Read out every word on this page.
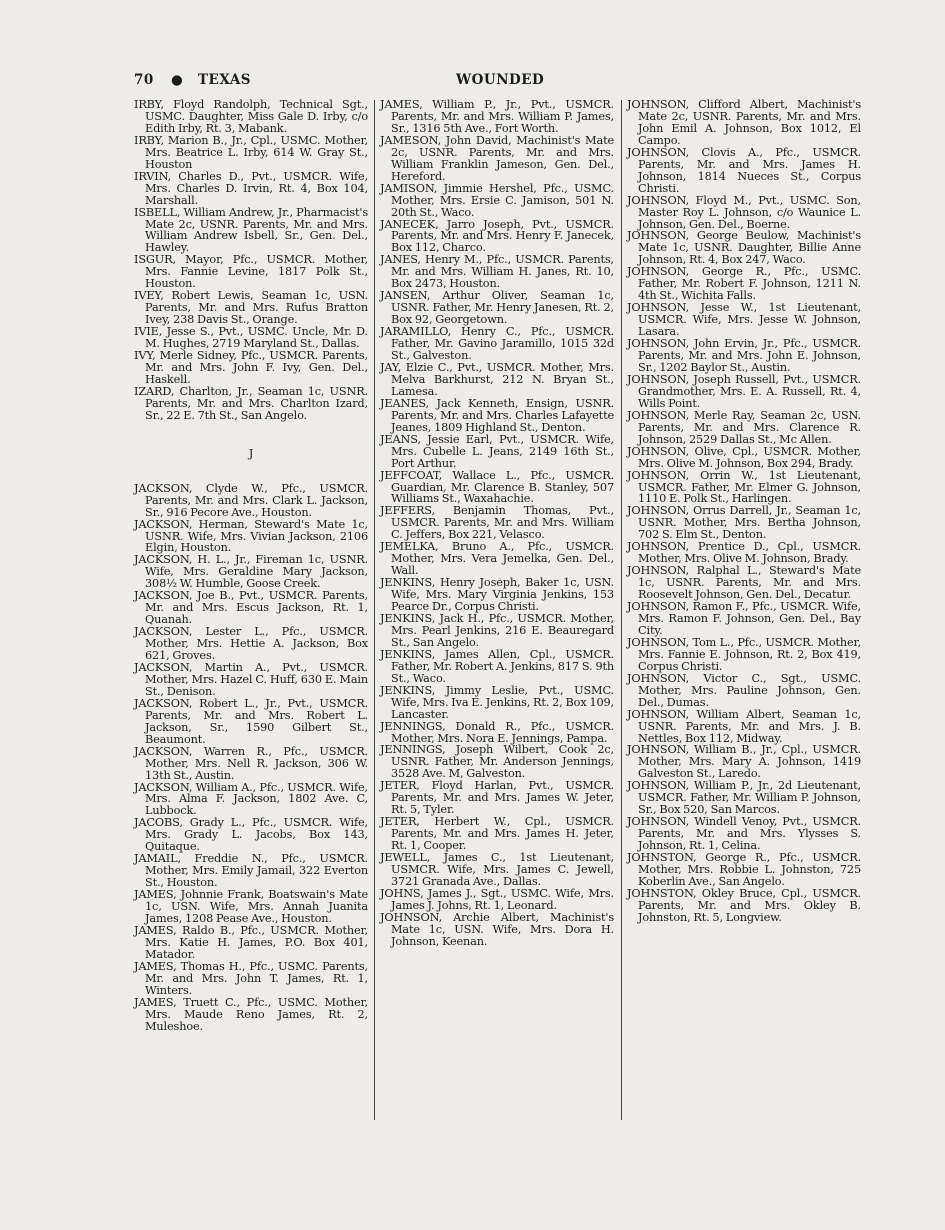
70 ● TEXAS	WOUNDED

IRBY, Floyd Randolph, Technical Sgt., USMC. Daughter, Miss Gale D. Irby, c/o Edith Irby, Rt. 3, Mabank.

IRBY, Marion B., Jr., Cpl., USMC. Mother, Mrs. Beatrice L. Irby, 614 W. Gray St., Houston

IRVIN, Charles D., Pvt., USMCR. Wife, Mrs. Charles D. Irvin, Rt. 4, Box 104, Marshall.

ISBELL, William Andrew, Jr., Pharmacist's Mate 2c, USNR. Parents, Mr. and Mrs. William Andrew Isbell, Sr., Gen. Del., Hawley.

ISGUR, Mayor, Pfc., USMCR. Mother, Mrs. Fannie Levine, 1817 Polk St., Houston.

IVEY, Robert Lewis, Seaman 1c, USN. Parents, Mr. and Mrs. Rufus Bratton Ivey, 238 Davis St., Orange.

IVIE, Jesse S., Pvt., USMC. Uncle, Mr. D. M. Hughes, 2719 Maryland St., Dallas.

IVY, Merle Sidney, Pfc., USMCR. Parents, Mr. and Mrs. John F. Ivy, Gen. Del., Haskell.

IZARD, Charlton, Jr., Seaman 1c, USNR. Parents, Mr. and Mrs. Charlton Izard, Sr., 22 E. 7th St., San Angelo.

J

JACKSON, Clyde W., Pfc., USMCR. Parents, Mr. and Mrs. Clark L. Jackson, Sr., 916 Pecore Ave., Houston.

JACKSON, Herman, Steward's Mate 1c, USNR. Wife, Mrs. Vivian Jackson, 2106 Elgin, Houston.

JACKSON, H. L., Jr., Fireman 1c, USNR. Wife, Mrs. Geraldine Mary Jackson, 308½ W. Humble, Goose Creek.

JACKSON, Joe B., Pvt., USMCR. Parents, Mr. and Mrs. Escus Jackson, Rt. 1, Quanah.

JACKSON, Lester L., Pfc., USMCR. Mother, Mrs. Hettie A. Jackson, Box 621, Groves.

JACKSON, Martin A., Pvt., USMCR. Mother, Mrs. Hazel C. Huff, 630 E. Main St., Denison.

JACKSON, Robert L., Jr., Pvt., USMCR. Parents, Mr. and Mrs. Robert L. Jackson, Sr., 1590 Gilbert St., Beaumont.

JACKSON, Warren R., Pfc., USMCR. Mother, Mrs. Nell R. Jackson, 306 W. 13th St., Austin.

JACKSON, William A., Pfc., USMCR. Wife, Mrs. Alma F. Jackson, 1802 Ave. C, Lubbock.

JACOBS, Grady L., Pfc., USMCR. Wife, Mrs. Grady L. Jacobs, Box 143, Quitaque.

JAMAIL, Freddie N., Pfc., USMCR. Mother, Mrs. Emily Jamail, 322 Everton St., Houston.

JAMES, Johnnie Frank, Boatswain's Mate 1c, USN. Wife, Mrs. Annah Juanita James, 1208 Pease Ave., Houston.

JAMES, Raldo B., Pfc., USMCR. Mother, Mrs. Katie H. James, P.O. Box 401, Matador.

JAMES, Thomas H., Pfc., USMC. Parents, Mr. and Mrs. John T. James, Rt. 1, Winters.

JAMES, Truett C., Pfc., USMC. Mother, Mrs. Maude Reno James, Rt. 2, Muleshoe.

JAMES, William P., Jr., Pvt., USMCR. Parents, Mr. and Mrs. William P. James, Sr., 1316 5th Ave., Fort Worth.

JAMESON, John David, Machinist's Mate 2c, USNR. Parents, Mr. and Mrs. William Franklin Jameson, Gen. Del., Hereford.

JAMISON, Jimmie Hershel, Pfc., USMC. Mother, Mrs. Ersie C. Jamison, 501 N. 20th St., Waco.

JANECEK, Jarro Joseph, Pvt., USMCR. Parents, Mr. and Mrs. Henry F. Janecek, Box 112, Charco.

JANES, Henry M., Pfc., USMCR. Parents, Mr. and Mrs. William H. Janes, Rt. 10, Box 2473, Houston.

JANSEN, Arthur Oliver, Seaman 1c, USNR. Father, Mr. Henry Janesen, Rt. 2, Box 92, Georgetown.

JARAMILLO, Henry C., Pfc., USMCR. Father, Mr. Gavino Jaramillo, 1015 32d St., Galveston.

JAY, Elzie C., Pvt., USMCR. Mother, Mrs. Melva Barkhurst, 212 N. Bryan St., Lamesa.

JEANES, Jack Kenneth, Ensign, USNR. Parents, Mr. and Mrs. Charles Lafayette Jeanes, 1809 Highland St., Denton.

JEANS, Jessie Earl, Pvt., USMCR. Wife, Mrs. Cubelle L. Jeans, 2149 16th St., Port Arthur.

JEFFCOAT, Wallace L., Pfc., USMCR. Guardian, Mr. Clarence B. Stanley, 507 Williams St., Waxahachie.

JEFFERS, Benjamin Thomas, Pvt., USMCR. Parents, Mr. and Mrs. William C. Jeffers, Box 221, Velasco.

JEMELKA, Bruno A., Pfc., USMCR. Mother, Mrs. Vera Jemelka, Gen. Del., Wall.

JENKINS, Henry Joseph, Baker 1c, USN. Wife, Mrs. Mary Virginia Jenkins, 153 Pearce Dr., Corpus Christi.

JENKINS, Jack H., Pfc., USMCR. Mother, Mrs. Pearl Jenkins, 216 E. Beauregard St., San Angelo.

JENKINS, James Allen, Cpl., USMCR. Father, Mr. Robert A. Jenkins, 817 S. 9th St., Waco.

JENKINS, Jimmy Leslie, Pvt., USMC. Wife, Mrs. Iva E. Jenkins, Rt. 2, Box 109, Lancaster.

JENNINGS, Donald R., Pfc., USMCR. Mother, Mrs. Nora E. Jennings, Pampa.

JENNINGS, Joseph Wilbert, Cook 2c, USNR. Father, Mr. Anderson Jennings, 3528 Ave. M, Galveston.

JETER, Floyd Harlan, Pvt., USMCR. Parents, Mr. and Mrs. James W. Jeter, Rt. 5, Tyler.

JETER, Herbert W., Cpl., USMCR. Parents, Mr. and Mrs. James H. Jeter, Rt. 1, Cooper.

JEWELL, James C., 1st Lieutenant, USMCR. Wife, Mrs. James C. Jewell, 3721 Granada Ave., Dallas.

JOHNS, James J., Sgt., USMC. Wife, Mrs. James J. Johns, Rt. 1, Leonard.

JOHNSON, Archie Albert, Machinist's Mate 1c, USN. Wife, Mrs. Dora H. Johnson, Keenan.

JOHNSON, Clifford Albert, Machinist's Mate 2c, USNR. Parents, Mr. and Mrs. John Emil A. Johnson, Box 1012, El Campo.

JOHNSON, Clovis A., Pfc., USMCR. Parents, Mr. and Mrs. James H. Johnson, 1814 Nueces St., Corpus Christi.

JOHNSON, Floyd M., Pvt., USMC. Son, Master Roy L. Johnson, c/o Waunice L. Johnson, Gen. Del., Boerne.

JOHNSON, George Beulow, Machinist's Mate 1c, USNR. Daughter, Billie Anne Johnson, Rt. 4, Box 247, Waco.

JOHNSON, George R., Pfc., USMC. Father, Mr. Robert F. Johnson, 1211 N. 4th St., Wichita Falls.

JOHNSON, Jesse W., 1st Lieutenant, USMCR. Wife, Mrs. Jesse W. Johnson, Lasara.

JOHNSON, John Ervin, Jr., Pfc., USMCR. Parents, Mr. and Mrs. John E. Johnson, Sr., 1202 Baylor St., Austin.

JOHNSON, Joseph Russell, Pvt., USMCR. Grandmother, Mrs. E. A. Russell, Rt. 4, Wills Point.

JOHNSON, Merle Ray, Seaman 2c, USN. Parents, Mr. and Mrs. Clarence R. Johnson, 2529 Dallas St., Mc Allen.

JOHNSON, Olive, Cpl., USMCR. Mother, Mrs. Olive M. Johnson, Box 294, Brady.

JOHNSON, Orrin W., 1st Lieutenant, USMCR. Father, Mr. Elmer G. Johnson, 1110 E. Polk St., Harlingen.

JOHNSON, Orrus Darrell, Jr., Seaman 1c, USNR. Mother, Mrs. Bertha Johnson, 702 S. Elm St., Denton.

JOHNSON, Prentice D., Cpl., USMCR. Mother, Mrs. Olive M. Johnson, Brady.

JOHNSON, Ralphal L., Steward's Mate 1c, USNR. Parents, Mr. and Mrs. Roosevelt Johnson, Gen. Del., Decatur.

JOHNSON, Ramon F., Pfc., USMCR. Wife, Mrs. Ramon F. Johnson, Gen. Del., Bay City.

JOHNSON, Tom L., Pfc., USMCR. Mother, Mrs. Fannie E. Johnson, Rt. 2, Box 419, Corpus Christi.

JOHNSON, Victor C., Sgt., USMC. Mother, Mrs. Pauline Johnson, Gen. Del., Dumas.

JOHNSON, William Albert, Seaman 1c, USNR. Parents, Mr. and Mrs. J. B. Nettles, Box 112, Midway.

JOHNSON, William B., Jr., Cpl., USMCR. Mother, Mrs. Mary A. Johnson, 1419 Galveston St., Laredo.

JOHNSON, William P., Jr., 2d Lieutenant, USMCR. Father, Mr. William P. Johnson, Sr., Box 520, San Marcos.

JOHNSON, Windell Venoy, Pvt., USMCR. Parents, Mr. and Mrs. Ylysses S. Johnson, Rt. 1, Celina.

JOHNSTON, George R., Pfc., USMCR. Mother, Mrs. Robbie L. Johnston, 725 Koberlin Ave., San Angelo.

JOHNSTON, Okley Bruce, Cpl., USMCR. Parents, Mr. and Mrs. Okley B. Johnston, Rt. 5, Longview.
